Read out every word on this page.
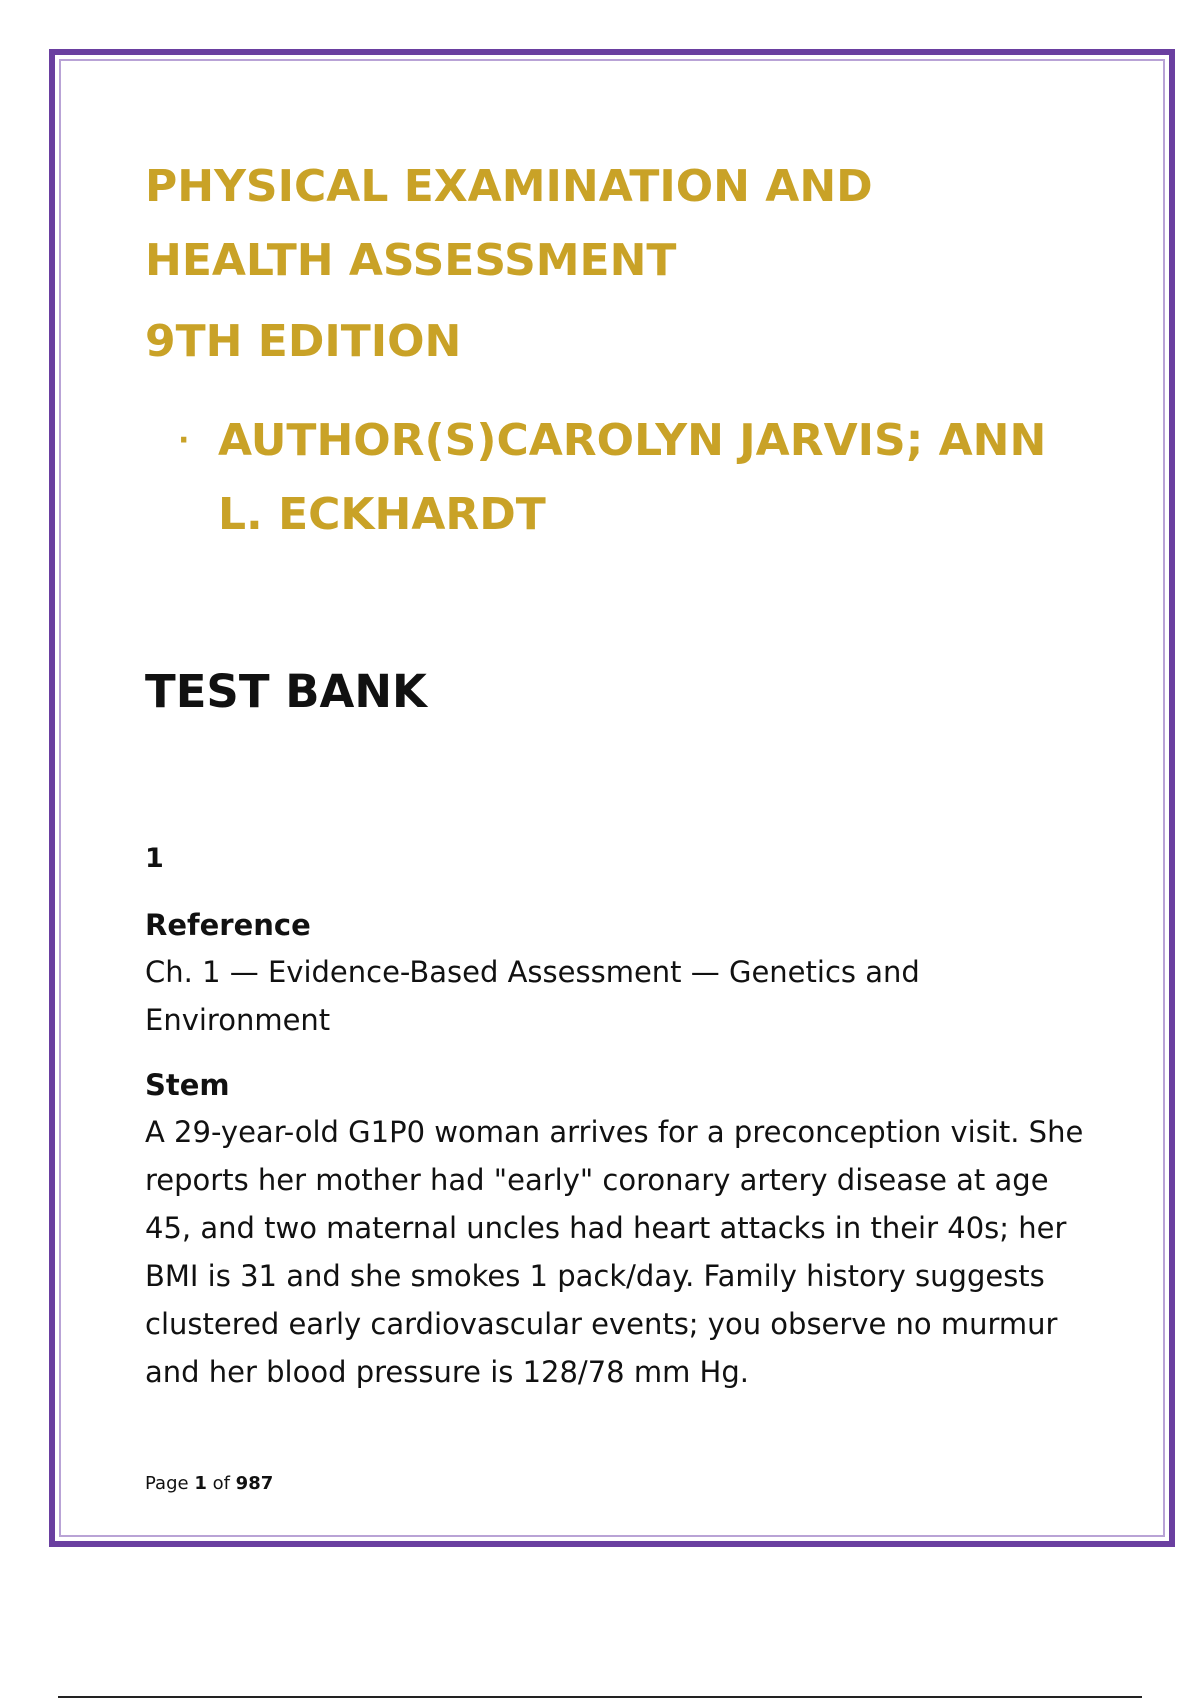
PHYSICAL EXAMINATION AND HEALTH ASSESSMENT
9TH EDITION
· AUTHOR(S)CAROLYN JARVIS; ANN L. ECKHARDT

TEST BANK

1

Reference

Ch. 1 — Evidence-Based Assessment — Genetics and Environment

Stem

A 29-year-old G1P0 woman arrives for a preconception visit. She reports her mother had "early" coronary artery disease at age 45, and two maternal uncles had heart attacks in their 40s; her BMI is 31 and she smokes 1 pack/day. Family history suggests clustered early cardiovascular events; you observe no murmur and her blood pressure is 128/78 mm Hg.

Page 1 of 987
